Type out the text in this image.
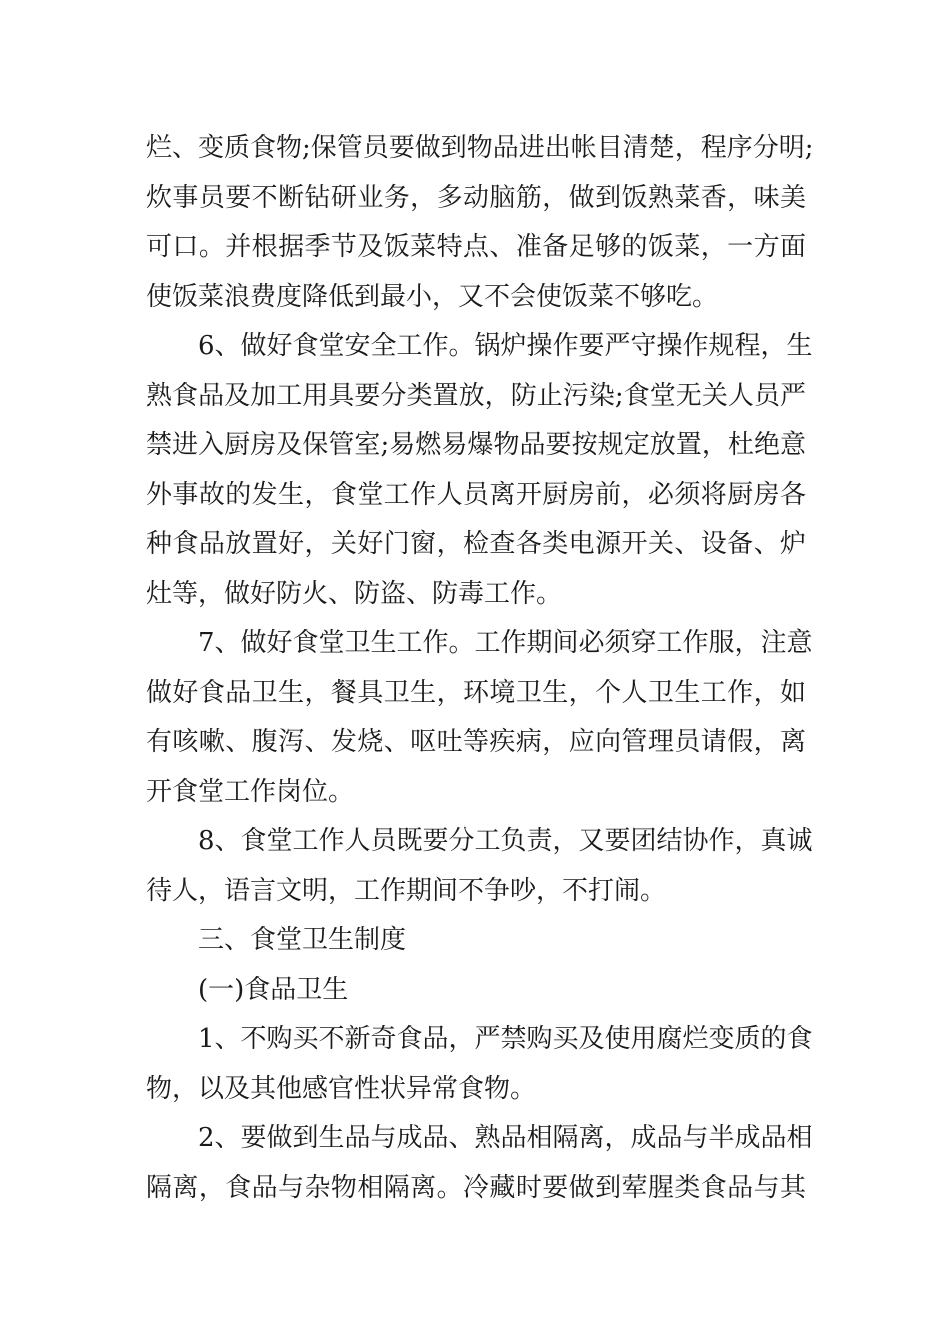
烂、变质食物;保管员要做到物品进出帐目清楚，程序分明;
炊事员要不断钻研业务，多动脑筋，做到饭熟菜香，味美
可口。并根据季节及饭菜特点、准备足够的饭菜，一方面
使饭菜浪费度降低到最小，又不会使饭菜不够吃。

6、做好食堂安全工作。锅炉操作要严守操作规程，生
熟食品及加工用具要分类置放，防止污染;食堂无关人员严
禁进入厨房及保管室;易燃易爆物品要按规定放置，杜绝意
外事故的发生，食堂工作人员离开厨房前，必须将厨房各
种食品放置好，关好门窗，检查各类电源开关、设备、炉
灶等，做好防火、防盗、防毒工作。

7、做好食堂卫生工作。工作期间必须穿工作服，注意
做好食品卫生，餐具卫生，环境卫生，个人卫生工作，如
有咳嗽、腹泻、发烧、呕吐等疾病，应向管理员请假，离
开食堂工作岗位。

8、食堂工作人员既要分工负责，又要团结协作，真诚
待人，语言文明，工作期间不争吵，不打闹。

三、食堂卫生制度

(一)食品卫生

1、不购买不新奇食品，严禁购买及使用腐烂变质的食
物，以及其他感官性状异常食物。

2、要做到生品与成品、熟品相隔离，成品与半成品相
隔离，食品与杂物相隔离。冷藏时要做到荤腥类食品与其
